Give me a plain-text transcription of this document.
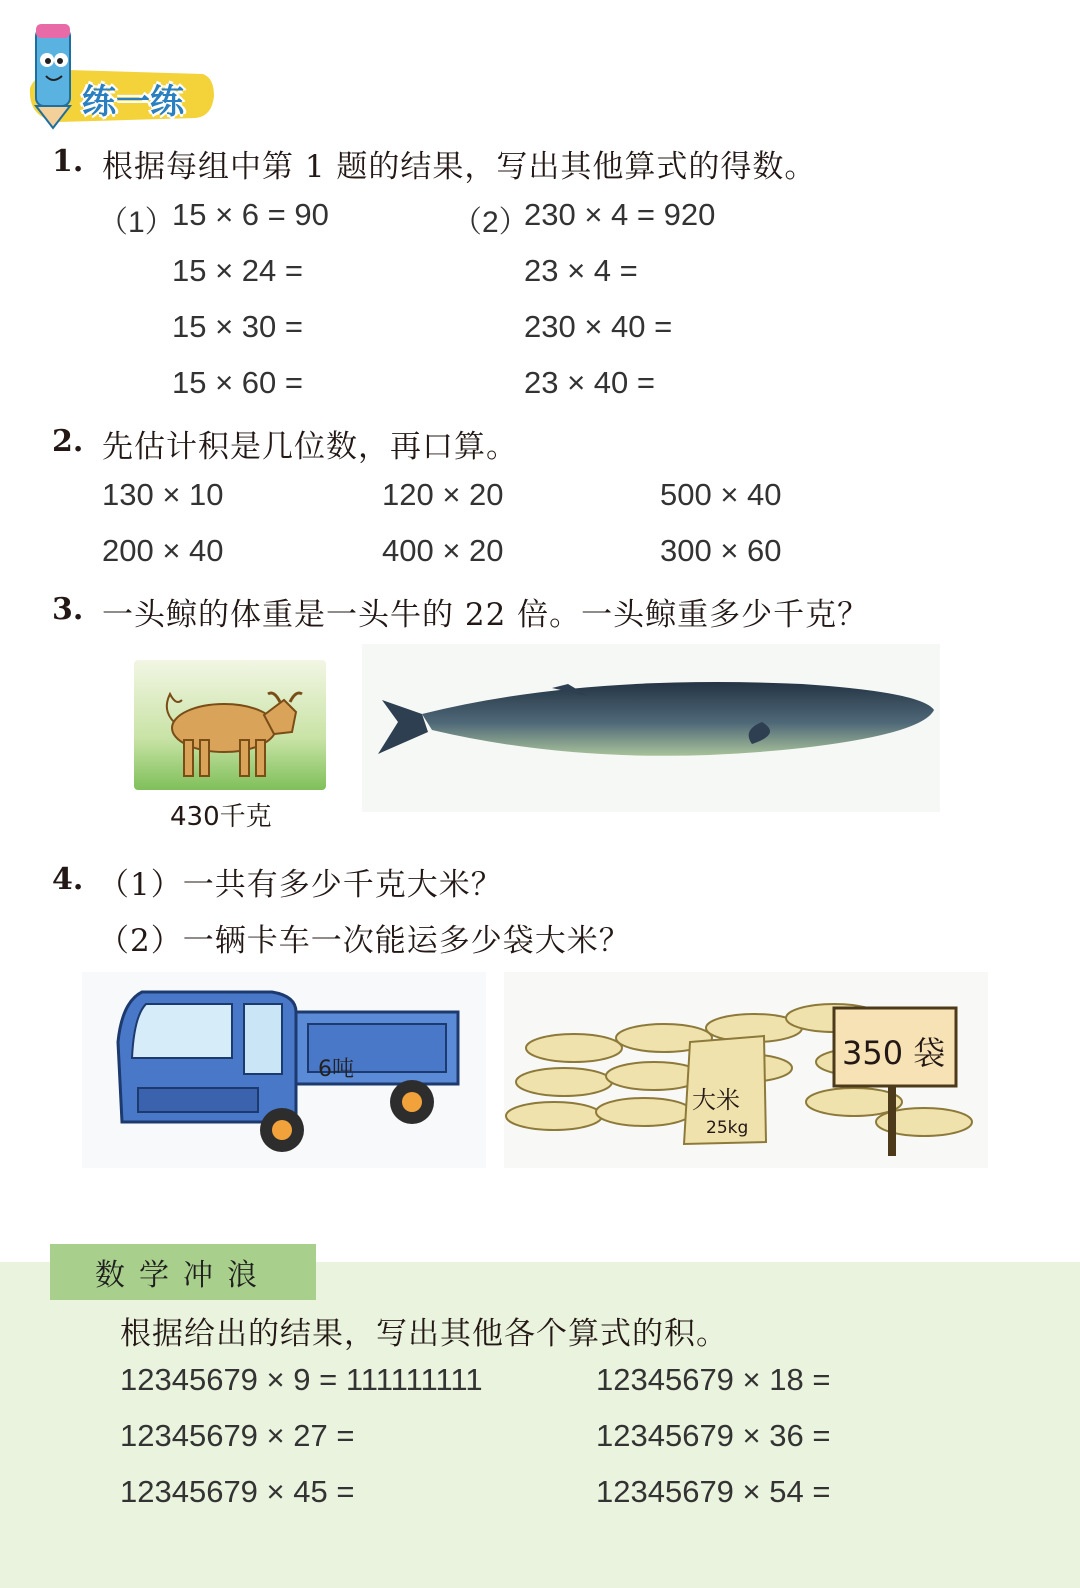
练一练
1. 根据每组中第 1 题的结果，写出其他算式的得数。
（1）
15 × 6 = 90
15 × 24 =
15 × 30 =
15 × 60 =
（2）
230 × 4 = 920
23 × 4 =
230 × 40 =
23 × 40 =
2. 先估计积是几位数，再口算。
130 × 10	120 × 20	500 × 40
200 × 40	400 × 20	300 × 60
3. 一头鲸的体重是一头牛的 22 倍。一头鲸重多少千克？
430千克
4. （1）一共有多少千克大米？
（2）一辆卡车一次能运多少袋大米？
6吨
大米
25kg
350 袋
数学冲浪
根据给出的结果，写出其他各个算式的积。
12345679 × 9 = 111111111	12345679 × 18 =
12345679 × 27 =	12345679 × 36 =
12345679 × 45 =	12345679 × 54 =
